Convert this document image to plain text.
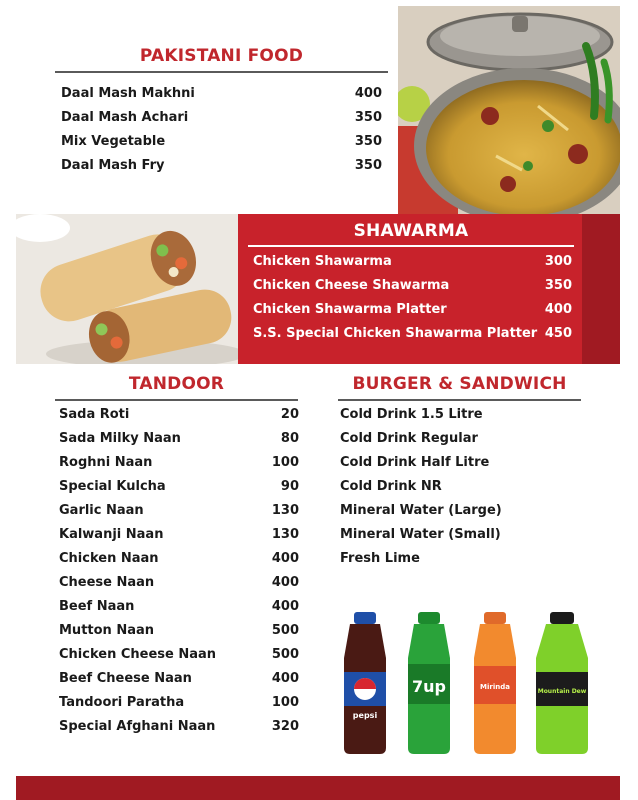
PAKISTANI FOOD
Daal Mash Makhni	400
Daal Mash Achari	350
Mix Vegetable	350
Daal Mash Fry	350
SHAWARMA
Chicken Shawarma	300
Chicken Cheese Shawarma	350
Chicken Shawarma Platter	400
S.S. Special Chicken Shawarma Platter 450
TANDOOR
Sada Roti	20
Sada Milky Naan	80
Roghni Naan	100
Special Kulcha	90
Garlic Naan	130
Kalwanji Naan	130
Chicken Naan	400
Cheese Naan	400
Beef Naan	400
Mutton Naan	500
Chicken Cheese Naan	500
Beef Cheese Naan	400
Tandoori Paratha	100
Special Afghani Naan	320
BURGER & SANDWICH
Cold Drink 1.5 Litre
Cold Drink Regular
Cold Drink Half Litre
Cold Drink NR
Mineral Water (Large)
Mineral Water (Small)
Fresh Lime
pepsi
7up	Mirinda
Mountain Dew
